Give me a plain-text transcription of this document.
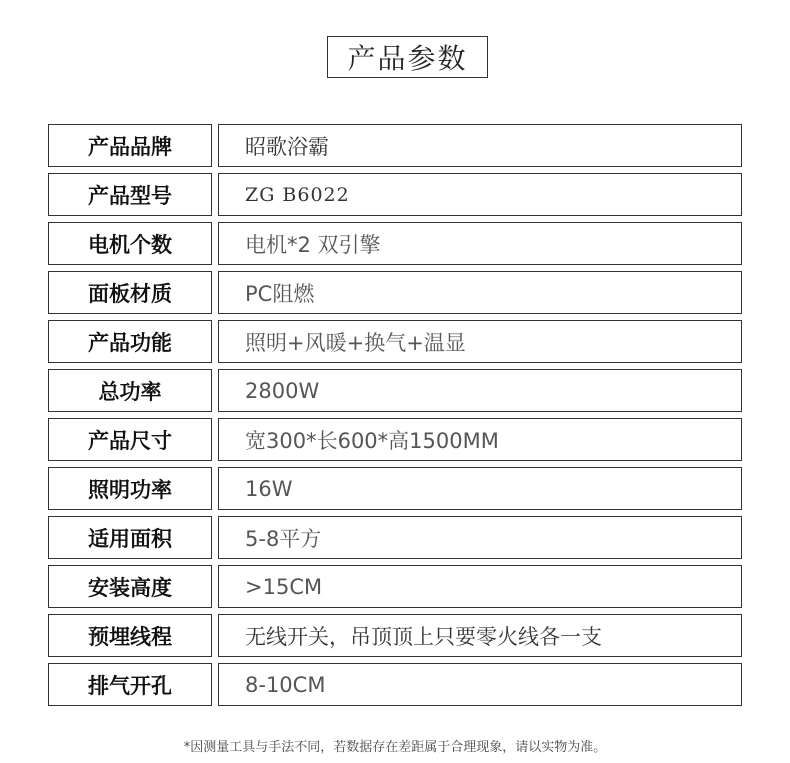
产品参数
产品品牌	昭歌浴霸
产品型号	ZG B6022
电机个数	电机*2 双引擎
面板材质	PC阻燃
产品功能	照明+风暖+换气+温显
总功率	2800W
产品尺寸	宽300*长600*高1500MM
照明功率	16W
适用面积	5-8平方
安装高度	>15CM
预埋线程	无线开关，吊顶顶上只要零火线各一支
排气开孔	8-10CM
*因测量工具与手法不同，若数据存在差距属于合理现象，请以实物为准。
